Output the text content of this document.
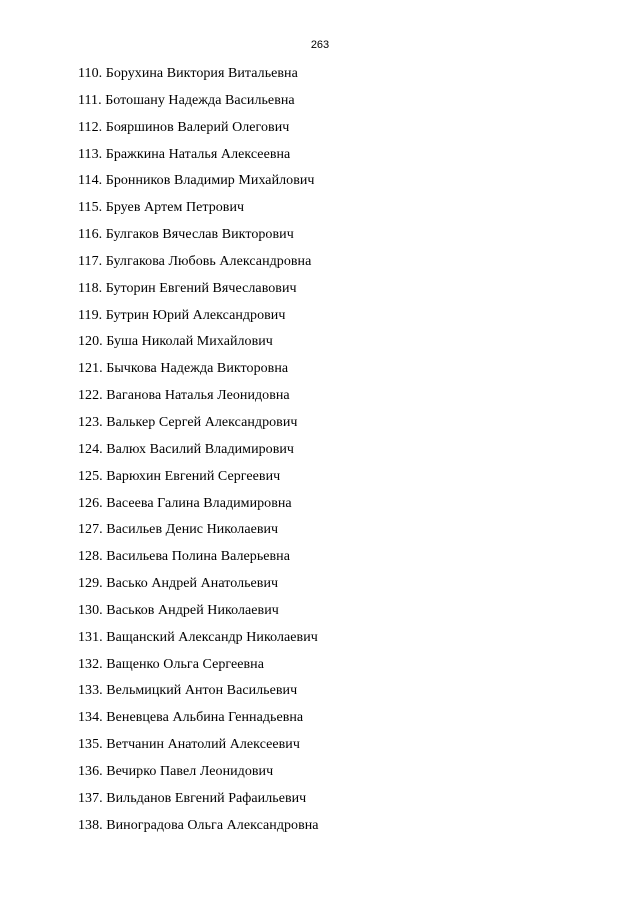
263
110. Борухина Виктория Витальевна
111. Ботошану Надежда Васильевна
112. Бояршинов Валерий Олегович
113. Бражкина Наталья Алексеевна
114. Бронников Владимир Михайлович
115. Бруев Артем Петрович
116. Булгаков Вячеслав Викторович
117. Булгакова Любовь Александровна
118. Буторин Евгений Вячеславович
119. Бутрин Юрий Александрович
120. Буша Николай Михайлович
121. Бычкова Надежда Викторовна
122. Ваганова Наталья Леонидовна
123. Валькер Сергей Александрович
124. Валюх Василий Владимирович
125. Варюхин Евгений Сергеевич
126. Васеева Галина Владимировна
127. Васильев Денис Николаевич
128. Васильева Полина Валерьевна
129. Васько Андрей Анатольевич
130. Васьков Андрей Николаевич
131. Ващанский Александр Николаевич
132. Ващенко Ольга Сергеевна
133. Вельмицкий Антон Васильевич
134. Веневцева Альбина Геннадьевна
135. Ветчанин Анатолий Алексеевич
136. Вечирко Павел Леонидович
137. Вильданов Евгений Рафаильевич
138. Виноградова Ольга Александровна
